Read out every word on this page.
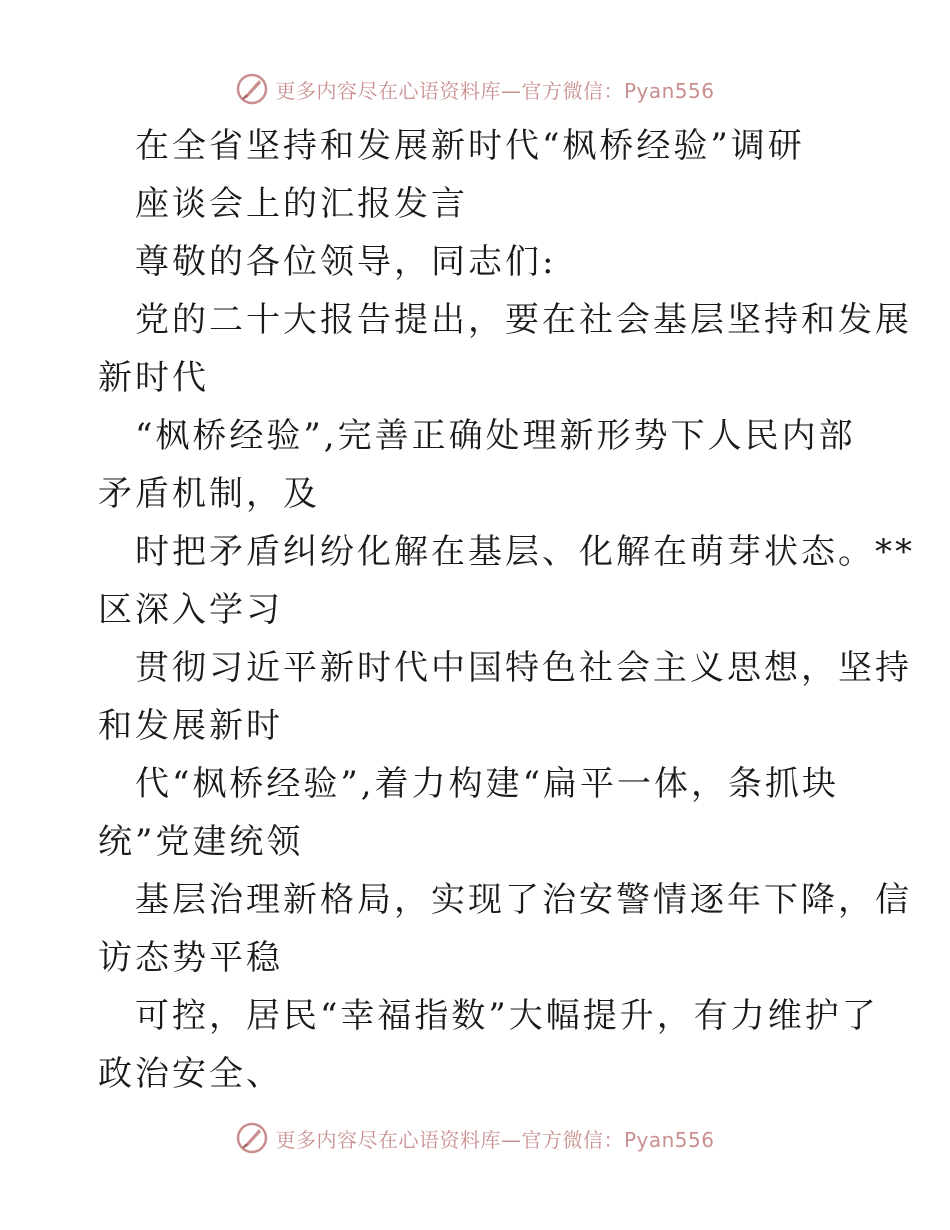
更多内容尽在心语资料库—官方微信：Pyan556
在全省坚持和发展新时代“枫桥经验”调研
座谈会上的汇报发言
尊敬的各位领导，同志们:
党的二十大报告提出，要在社会基层坚持和发展
新时代
“枫桥经验”,完善正确处理新形势下人民内部
矛盾机制，及
时把矛盾纠纷化解在基层、化解在萌芽状态。**
区深入学习
贯彻习近平新时代中国特色社会主义思想，坚持
和发展新时
代“枫桥经验”,着力构建“扁平一体，条抓块
统”党建统领
基层治理新格局，实现了治安警情逐年下降，信
访态势平稳
可控，居民“幸福指数”大幅提升，有力维护了
政治安全、
更多内容尽在心语资料库—官方微信：Pyan556
